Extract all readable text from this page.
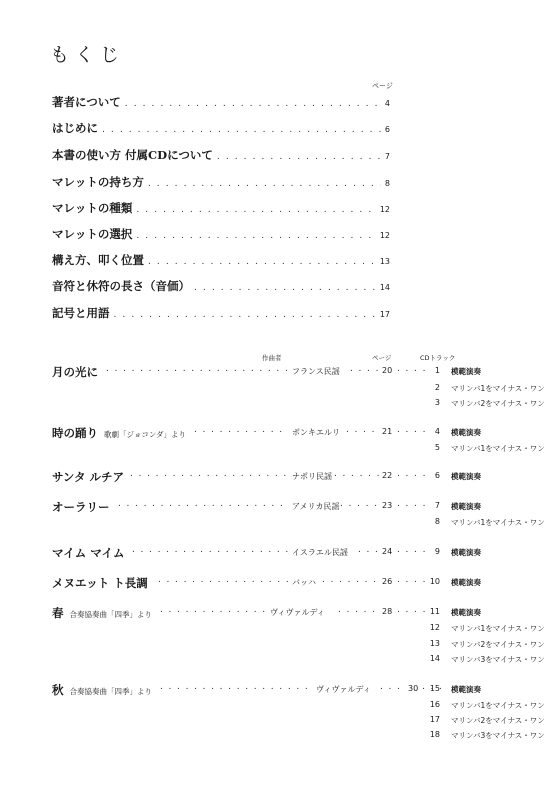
もくじ
ページ
著者について . . .	4
はじめに . . .	6
本書の使い方 付属CDについて . . .	7
マレットの持ち方 . . .	8
マレットの種類 . . .	12
マレットの選択 . . .	12
構え方、叩く位置 . . .	13
音符と休符の長さ（音価） . . .	14
記号と用語 . . .	17
作曲者	ページ	CDトラック
月の光に . . .	フランス民謡 . . .	20 . . .	1 模範演奏
2 マリンバ1をマイナス・ワン
3 マリンバ2をマイナス・ワン
時の踊り 歌劇「ジョコンダ」より . . .	ポンキエルリ . . .	21 . . .	4 模範演奏
5 マリンバ1をマイナス・ワン
サンタ ルチア . . .	ナポリ民謡 . . .	22 . . .	6 模範演奏
オーラリー . . .	アメリカ民謡 . . .	23 . . .	7 模範演奏
8 マリンバ1をマイナス・ワン
マイム マイム . . .	イスラエル民謡 . . .	24 . . .	9 模範演奏
メヌエット ト長調 . . .	バッハ . . .	26 . . .	10 模範演奏
春合奏協奏曲「四季」より . . .	ヴィヴァルディ . . .	28 . . .	11 模範演奏
12 マリンバ1をマイナス・ワン
13 マリンバ2をマイナス・ワン
14 マリンバ3をマイナス・ワン
秋合奏協奏曲「四季」より . . .	ヴィヴァルディ . . .	30 . . .	15 模範演奏
16 マリンバ1をマイナス・ワン
17 マリンバ2をマイナス・ワン
18 マリンバ3をマイナス・ワン
